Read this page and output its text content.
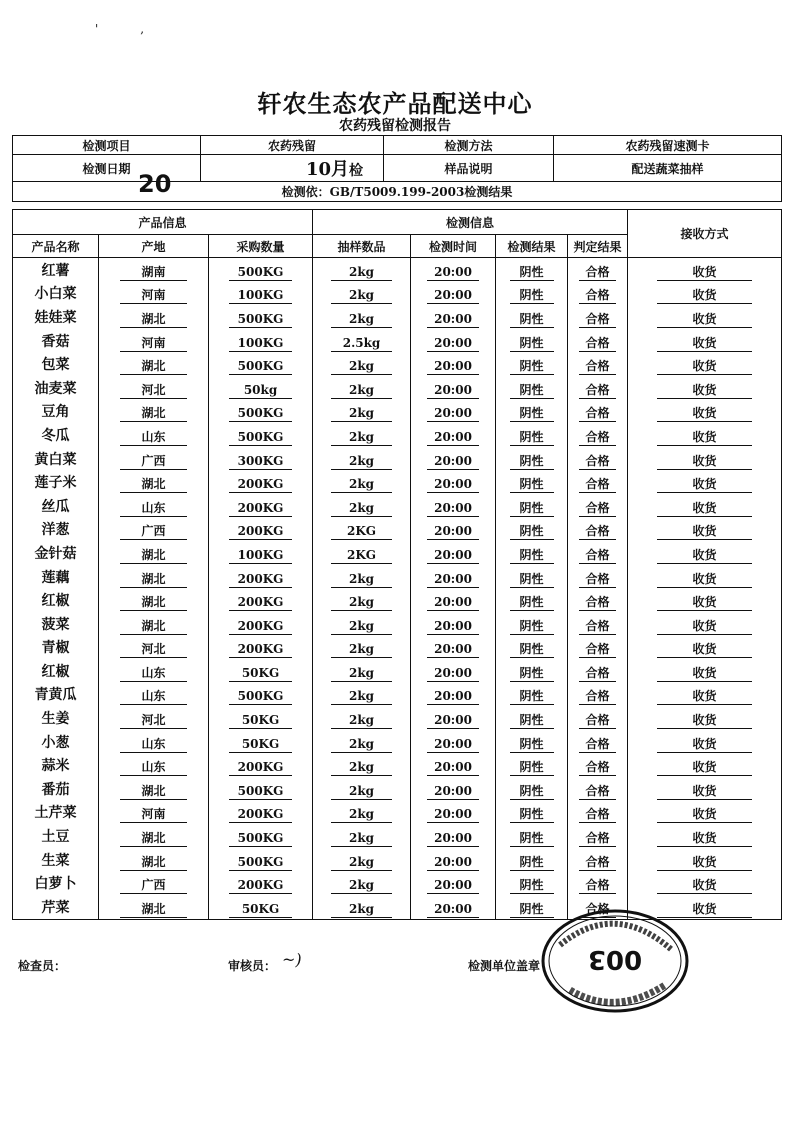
'           ,
轩农生态农产品配送中心
农药残留检测报告
检测项目	农药残留	检测方法	农药残留速测卡
检测日期	10月检	样品说明	配送蔬菜抽样
检测依：GB/T5009.199-2003检测结果			
20
产品信息			检测信息				接收方式
产品名称	产地	采购数量	抽样数品	检测时间	检测结果	判定结果	
红薯	湖南	500KG	2kg	20:00	阴性	合格	收货
小白菜	河南	100KG	2kg	20:00	阴性	合格	收货
娃娃菜	湖北	500KG	2kg	20:00	阴性	合格	收货
香菇	河南	100KG	2.5kg	20:00	阴性	合格	收货
包菜	湖北	500KG	2kg	20:00	阴性	合格	收货
油麦菜	河北	50kg	2kg	20:00	阴性	合格	收货
豆角	湖北	500KG	2kg	20:00	阴性	合格	收货
冬瓜	山东	500KG	2kg	20:00	阴性	合格	收货
黄白菜	广西	300KG	2kg	20:00	阴性	合格	收货
莲子米	湖北	200KG	2kg	20:00	阴性	合格	收货
丝瓜	山东	200KG	2kg	20:00	阴性	合格	收货
洋葱	广西	200KG	2KG	20:00	阴性	合格	收货
金针菇	湖北	100KG	2KG	20:00	阴性	合格	收货
莲藕	湖北	200KG	2kg	20:00	阴性	合格	收货
红椒	湖北	200KG	2kg	20:00	阴性	合格	收货
菠菜	湖北	200KG	2kg	20:00	阴性	合格	收货
青椒	河北	200KG	2kg	20:00	阴性	合格	收货
红椒	山东	50KG	2kg	20:00	阴性	合格	收货
青黄瓜	山东	500KG	2kg	20:00	阴性	合格	收货
生姜	河北	50KG	2kg	20:00	阴性	合格	收货
小葱	山东	50KG	2kg	20:00	阴性	合格	收货
蒜米	山东	200KG	2kg	20:00	阴性	合格	收货
番茄	湖北	500KG	2kg	20:00	阴性	合格	收货
土芹菜	河南	200KG	2kg	20:00	阴性	合格	收货
土豆	湖北	500KG	2kg	20:00	阴性	合格	收货
生菜	湖北	500KG	2kg	20:00	阴性	合格	收货
白萝卜	广西	200KG	2kg	20:00	阴性	合格	收货
芹菜	湖北	50KG	2kg	20:00	阴性	合格	收货
检查员：	审核员： ~)	检测单位盖章 003
